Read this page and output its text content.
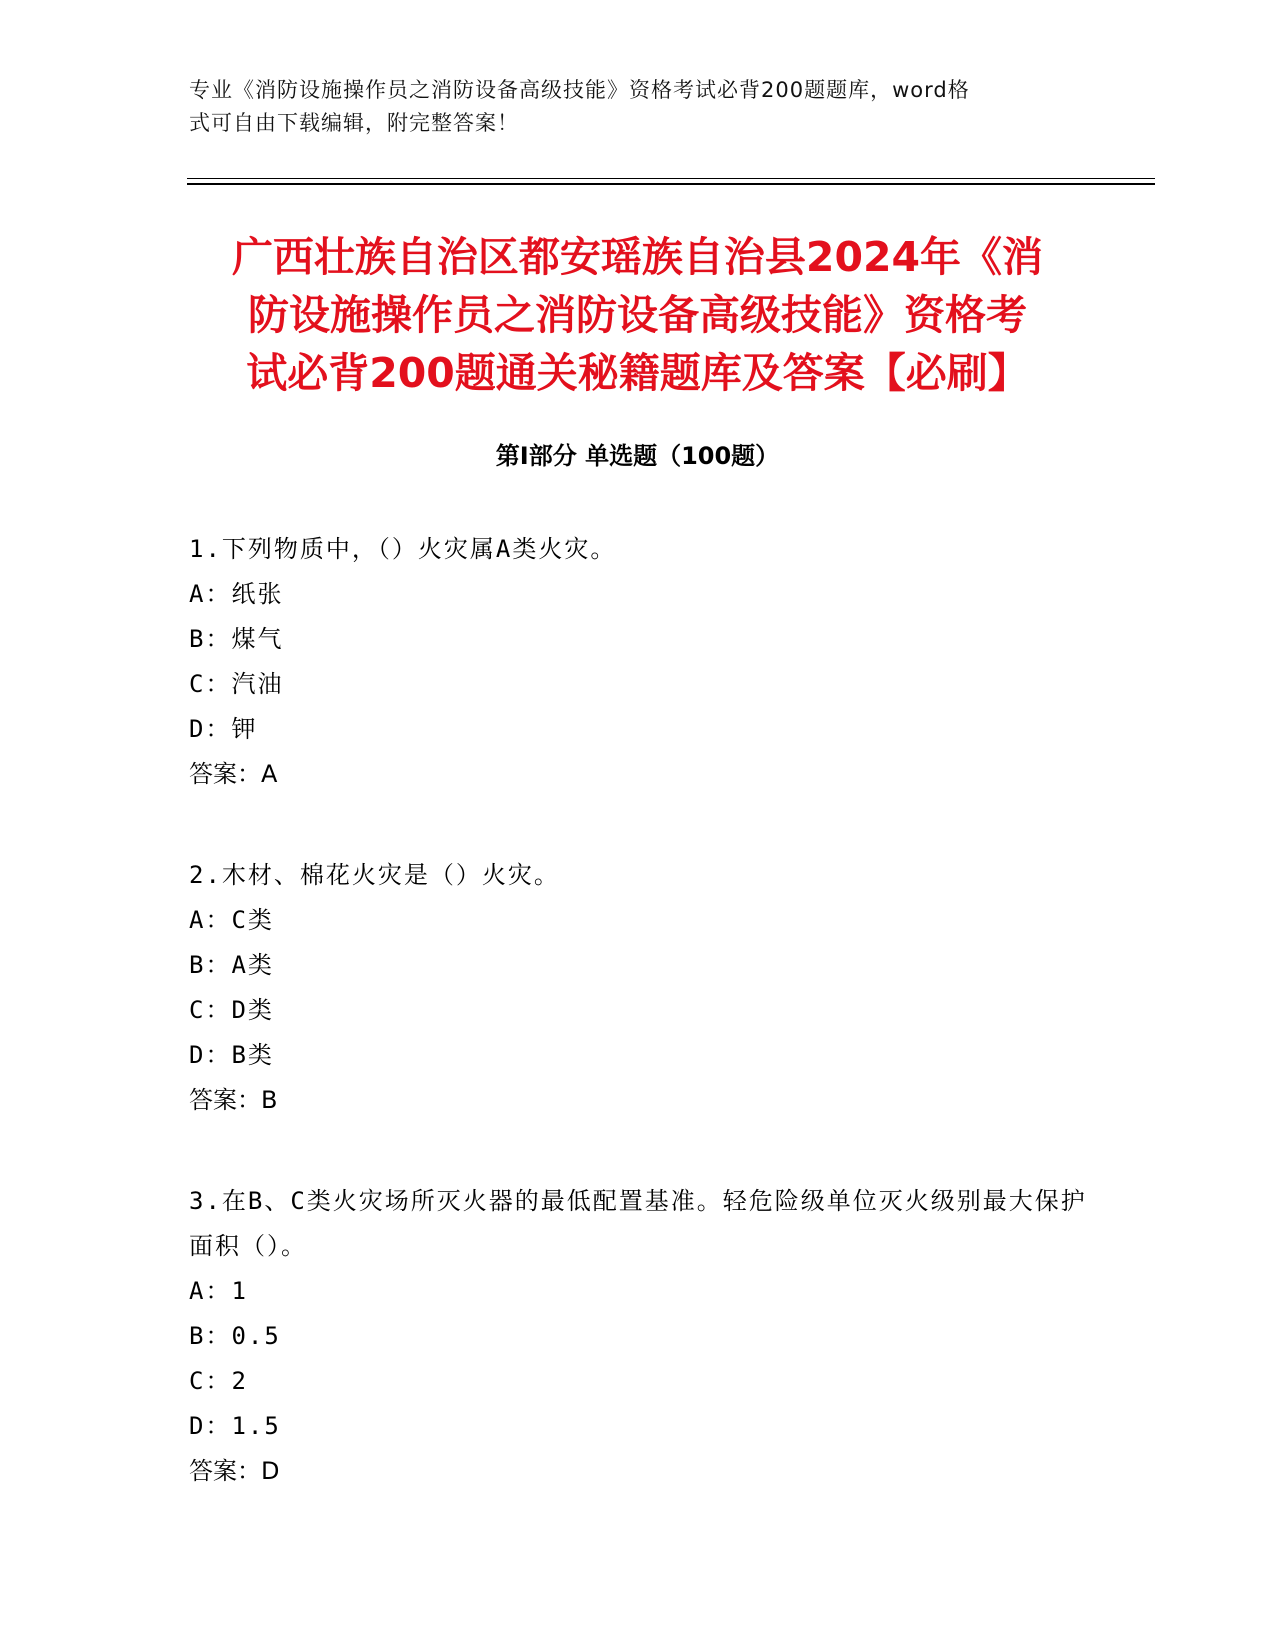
专业《消防设施操作员之消防设备高级技能》资格考试必背200题题库，word格
式可自由下载编辑，附完整答案！
广西壮族自治区都安瑶族自治县2024年《消
防设施操作员之消防设备高级技能》资格考
试必背200题通关秘籍题库及答案【必刷】
第Ⅰ部分 单选题（100题）

1.下列物质中，（）火灾属A类火灾。

A：纸张

B：煤气

C：汽油

D：钾

答案：A

2.木材、棉花火灾是（）火灾。

A：C类

B：A类

C：D类

D：B类

答案：B

3.在B、C类火灾场所灭火器的最低配置基准。轻危险级单位灭火级别最大保护面积（）。

A：1

B：0.5

C：2

D：1.5

答案：D
